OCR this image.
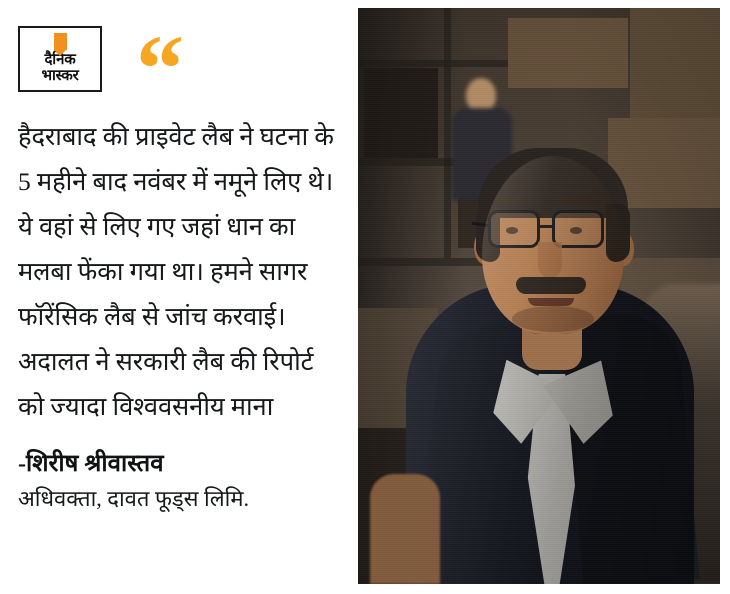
दैनिक
भास्कर “
हैदराबाद की प्राइवेट लैब ने घटना के 5 महीने बाद नवंबर में नमूने लिए थे। ये वहां से लिए गए जहां धान का मलबा फेंका गया था। हमने सागर फॉरेंसिक लैब से जांच करवाई। अदालत ने सरकारी लैब की रिपोर्ट को ज्यादा विश्ववसनीय माना
-शिरीष श्रीवास्तव
अधिवक्ता, दावत फूड्स लिमि.
